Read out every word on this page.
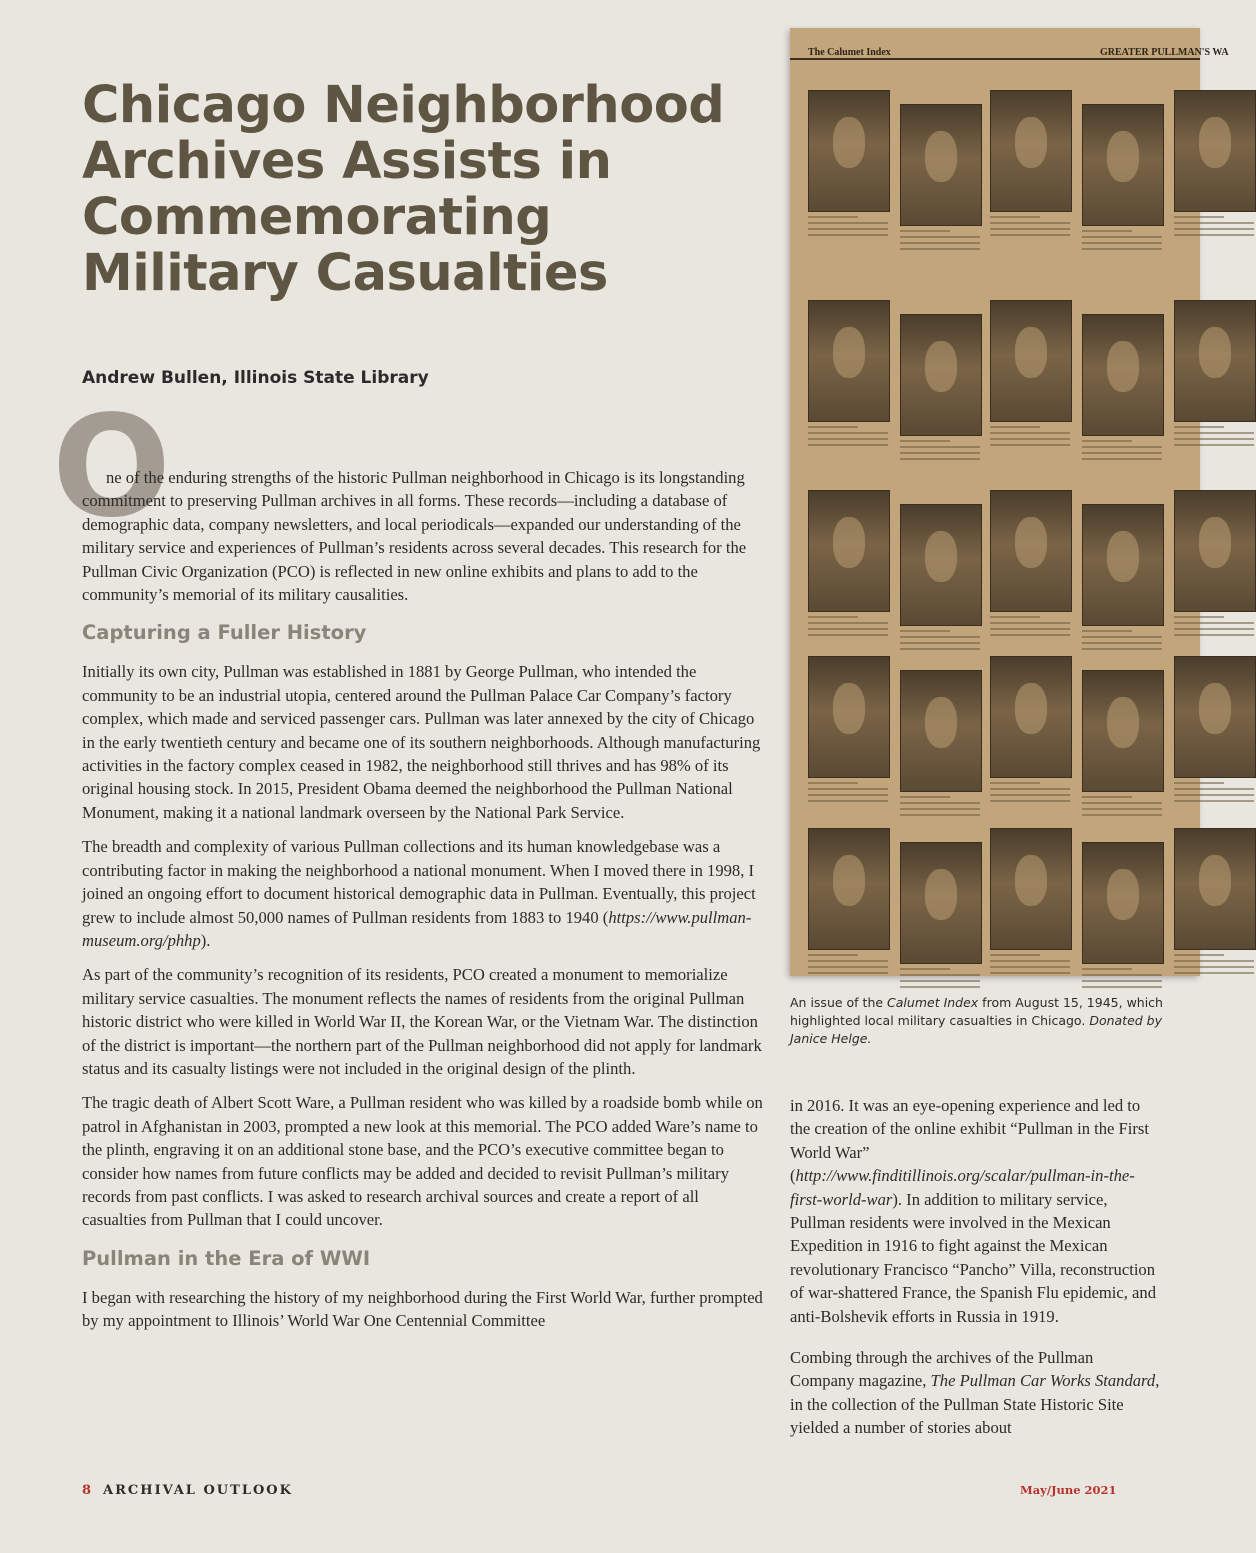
Chicago Neighborhood
Archives Assists in
Commemorating
Military Casualties
Andrew Bullen, Illinois State Library
O

ne of the enduring strengths of the historic Pullman neighborhood in Chicago is its longstanding commitment to preserving Pullman archives in all forms. These records—including a database of demographic data, company newsletters, and local periodicals—expanded our understanding of the military service and experiences of Pullman’s residents across several decades. This research for the Pullman Civic Organization (PCO) is reflected in new online exhibits and plans to add to the community’s memorial of its military causalities.

Capturing a Fuller History

Initially its own city, Pullman was established in 1881 by George Pullman, who intended the community to be an industrial utopia, centered around the Pullman Palace Car Company’s factory complex, which made and serviced passenger cars. Pullman was later annexed by the city of Chicago in the early twentieth century and became one of its southern neighborhoods. Although manufacturing activities in the factory complex ceased in 1982, the neighborhood still thrives and has 98% of its original housing stock. In 2015, President Obama deemed the neighborhood the Pullman National Monument, making it a national landmark overseen by the National Park Service.

The breadth and complexity of various Pullman collections and its human knowledgebase was a contributing factor in making the neighborhood a national monument. When I moved there in 1998, I joined an ongoing effort to document historical demographic data in Pullman. Eventually, this project grew to include almost 50,000 names of Pullman residents from 1883 to 1940 (https://www.pullman-museum.org/phhp).

As part of the community’s recognition of its residents, PCO created a monument to memorialize military service casualties. The monument reflects the names of residents from the original Pullman historic district who were killed in World War II, the Korean War, or the Vietnam War. The distinction of the district is important—the northern part of the Pullman neighborhood did not apply for landmark status and its casualty listings were not included in the original design of the plinth.

The tragic death of Albert Scott Ware, a Pullman resident who was killed by a roadside bomb while on patrol in Afghanistan in 2003, prompted a new look at this memorial. The PCO added Ware’s name to the plinth, engraving it on an additional stone base, and the PCO’s executive committee began to consider how names from future conflicts may be added and decided to revisit Pullman’s military records from past conflicts. I was asked to research archival sources and create a report of all casualties from Pullman that I could uncover.

Pullman in the Era of WWI

I began with researching the history of my neighborhood during the First World War, further prompted by my appointment to Illinois’ World War One Centennial Committee

The Calumet Index	GREATER PULLMAN'S WA
An issue of the Calumet Index from August 15, 1945, which highlighted local military casualties in Chicago. Donated by Janice Helge.

in 2016. It was an eye-opening experience and led to the creation of the online exhibit “Pullman in the First World War” (http://www.finditillinois.org/scalar/pullman-in-the-first-world-war). In addition to military service, Pullman residents were involved in the Mexican Expedition in 1916 to fight against the Mexican revolutionary Francisco “Pancho” Villa, reconstruction of war-shattered France, the Spanish Flu epidemic, and anti-Bolshevik efforts in Russia in 1919.

Combing through the archives of the Pullman Company magazine, The Pullman Car Works Standard, in the collection of the Pullman State Historic Site yielded a number of stories about

8 ARCHIVAL OUTLOOK	May/June 2021
